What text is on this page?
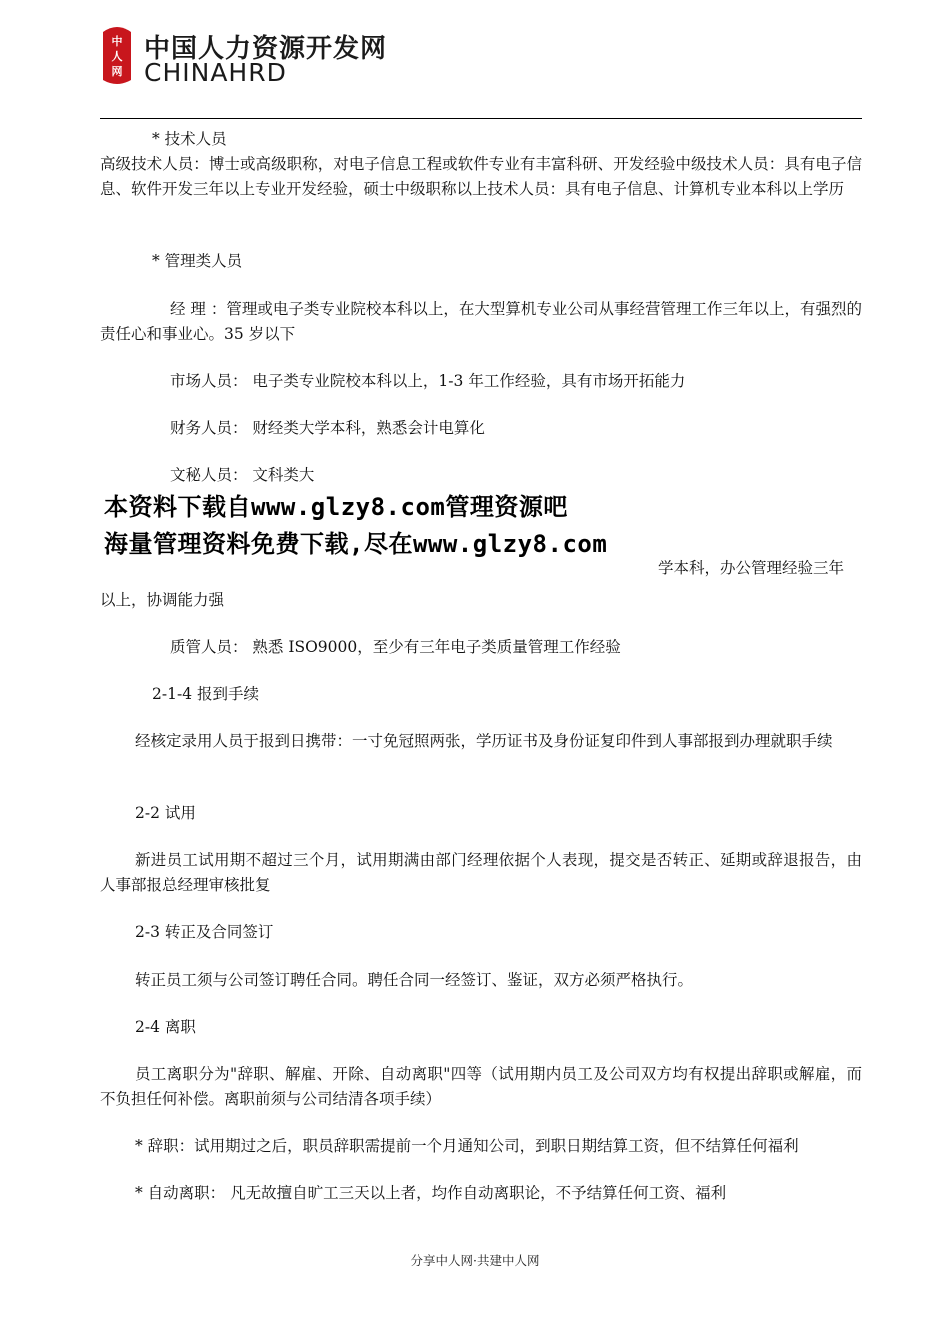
中
人
网
中国人力资源开发网
CHINAHRD
* 技术人员
高级技术人员：博士或高级职称，对电子信息工程或软件专业有丰富科研、开发经验中级技术人员：具有电子信息、软件开发三年以上专业开发经验，硕士中级职称以上技术人员：具有电子信息、计算机专业本科以上学历
* 管理类人员
经 理 ：管理或电子类专业院校本科以上，在大型算机专业公司从事经营管理工作三年以上，有强烈的责任心和事业心。35 岁以下
市场人员： 电子类专业院校本科以上，1-3 年工作经验，具有市场开拓能力
财务人员： 财经类大学本科，熟悉会计电算化
文秘人员： 文科类大
本资料下载自www.glzy8.com管理资源吧
海量管理资料免费下载,尽在www.glzy8.com
学本科，办公管理经验三年
以上，协调能力强
质管人员： 熟悉 ISO9000，至少有三年电子类质量管理工作经验
2-1-4 报到手续
经核定录用人员于报到日携带：一寸免冠照两张，学历证书及身份证复印件到人事部报到办理就职手续
2-2 试用
新进员工试用期不超过三个月，试用期满由部门经理依据个人表现，提交是否转正、延期或辞退报告，由人事部报总经理审核批复
2-3 转正及合同签订
转正员工须与公司签订聘任合同。聘任合同一经签订、鉴证，双方必须严格执行。
2-4 离职
员工离职分为"辞职、解雇、开除、自动离职"四等（试用期内员工及公司双方均有权提出辞职或解雇，而不负担任何补偿。离职前须与公司结清各项手续）
* 辞职：试用期过之后，职员辞职需提前一个月通知公司，到职日期结算工资，但不结算任何福利
* 自动离职： 凡无故擅自旷工三天以上者，均作自动离职论，不予结算任何工资、福利
分享中人网·共建中人网
